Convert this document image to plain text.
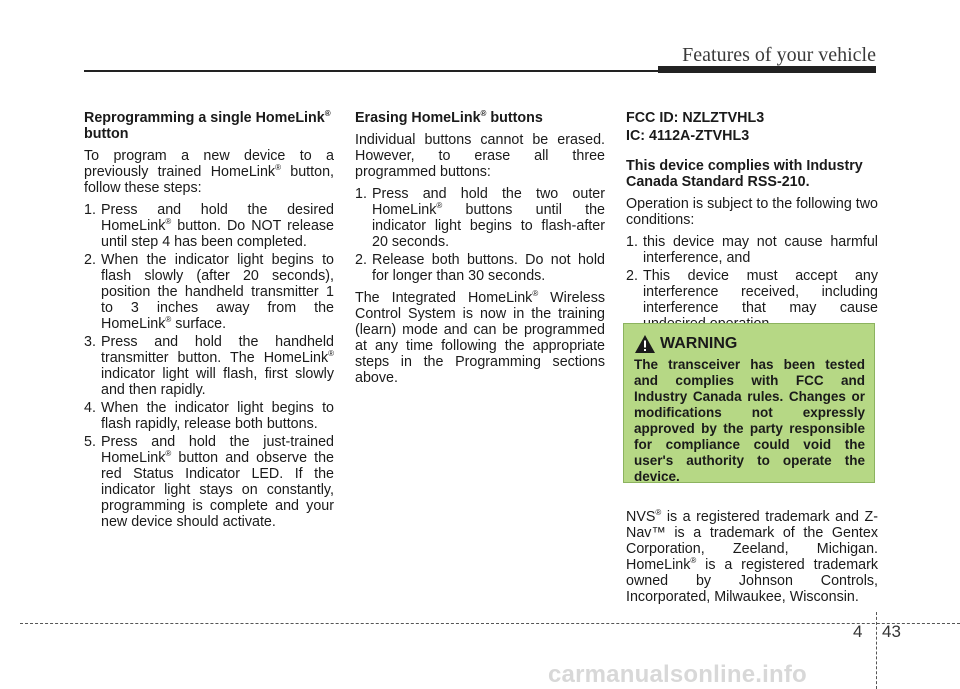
Features of your vehicle

Reprogramming a single HomeLink®
button

To program a new device to a previously trained HomeLink® button, follow these steps:

1. Press and hold the desired HomeLink® button. Do NOT release until step 4 has been completed.
2. When the indicator light begins to flash slowly (after 20 seconds), position the handheld transmitter 1 to 3 inches away from the HomeLink® surface.
3. Press and hold the handheld transmitter button. The HomeLink® indicator light will flash, first slowly and then rapidly.
4. When the indicator light begins to flash rapidly, release both buttons.
5. Press and hold the just-trained HomeLink® button and observe the red Status Indicator LED. If the indicator light stays on constantly, programming is complete and your new device should activate.

Erasing HomeLink® buttons

Individual buttons cannot be erased. However, to erase all three programmed buttons:

1. Press and hold the two outer HomeLink® buttons until the indicator light begins to flash-after 20 seconds.
2. Release both buttons. Do not hold for longer than 30 seconds.

The Integrated HomeLink® Wireless Control System is now in the training (learn) mode and can be programmed at any time following the appropriate steps in the Programming sections above.

FCC ID: NZLZTVHL3

IC: 4112A-ZTVHL3

This device complies with Industry Canada Standard RSS-210.

Operation is subject to the following two conditions:

1. this device may not cause harmful interference, and
2. This device must accept any interference received, including interference that may cause
WARNING
The transceiver has been tested and complies with FCC and Industry Canada rules. Changes or modifications not expressly approved by the party responsible for compliance could void the user's authority to operate the device.

NVS® is a registered trademark and Z-Nav™ is a trademark of the Gentex Corporation, Zeeland, Michigan. HomeLink® is a registered trademark owned by Johnson Controls, Incorporated, Milwaukee, Wisconsin.

4 43
carmanualsonline.info
